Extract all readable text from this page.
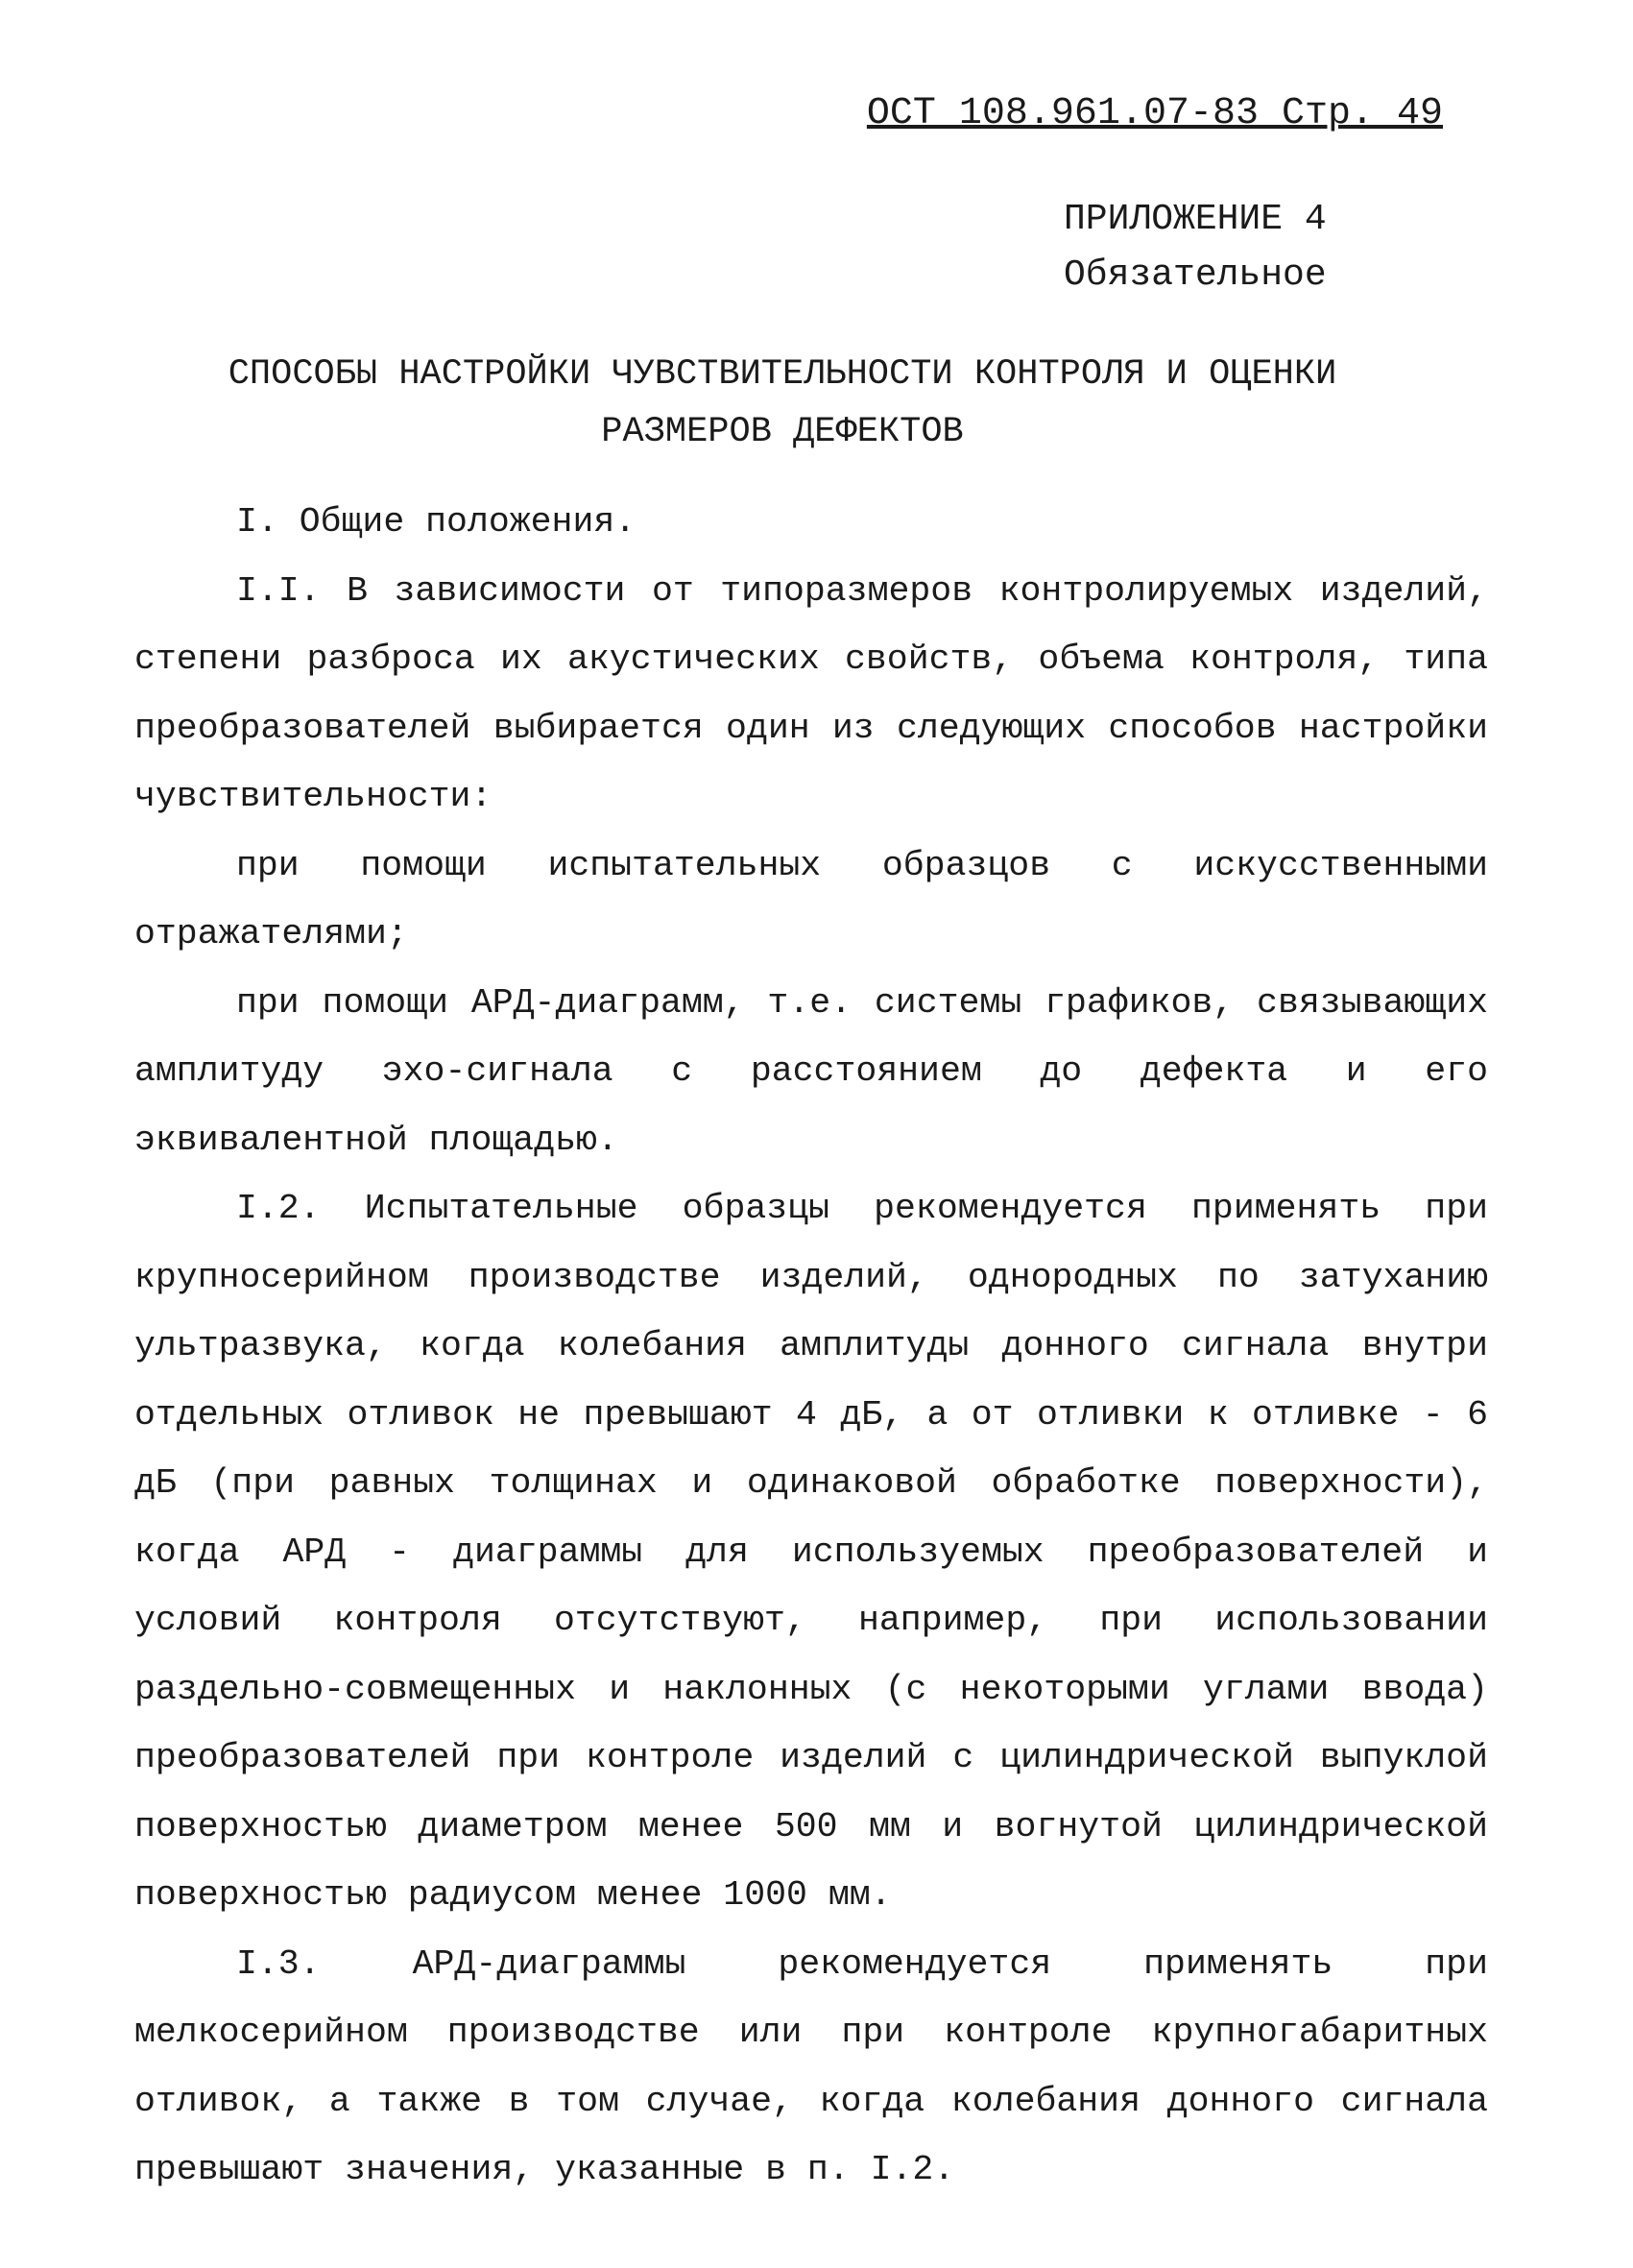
ОСТ 108.961.07-83 Стр. 49
ПРИЛОЖЕНИЕ 4
Обязательное
СПОСОБЫ НАСТРОЙКИ ЧУВСТВИТЕЛЬНОСТИ КОНТРОЛЯ И ОЦЕНКИ
РАЗМЕРОВ ДЕФЕКТОВ

I. Общие положения.

I.I. В зависимости от типоразмеров контролируемых изделий, степени разброса их акустических свойств, объема контроля, типа преобразователей выбирается один из следующих способов настройки чувствительности:

при помощи испытательных образцов с искусственными отражателями;

при помощи АРД-диаграмм, т.е. системы графиков, связывающих амплитуду эхо-сигнала с расстоянием до дефекта и его эквивалентной площадью.

I.2. Испытательные образцы рекомендуется применять при крупносерийном производстве изделий, однородных по затуханию ультразвука, когда колебания амплитуды донного сигнала внутри отдельных отливок не превышают 4 дБ, а от отливки к отливке - 6 дБ (при равных толщинах и одинаковой обработке поверхности), когда АРД - диаграммы для используемых преобразователей и условий контроля отсутствуют, например, при использовании раздельно-совмещенных и наклонных (с некоторыми углами ввода) преобразователей при контроле изделий с цилиндрической выпуклой поверхностью диаметром менее 500 мм и вогнутой цилиндрической поверхностью радиусом менее 1000 мм.

I.3. АРД-диаграммы рекомендуется применять при мелкосерийном производстве или при контроле крупногабаритных отливок, а также в том случае, когда колебания донного сигнала превышают значения, указанные в п. I.2.
